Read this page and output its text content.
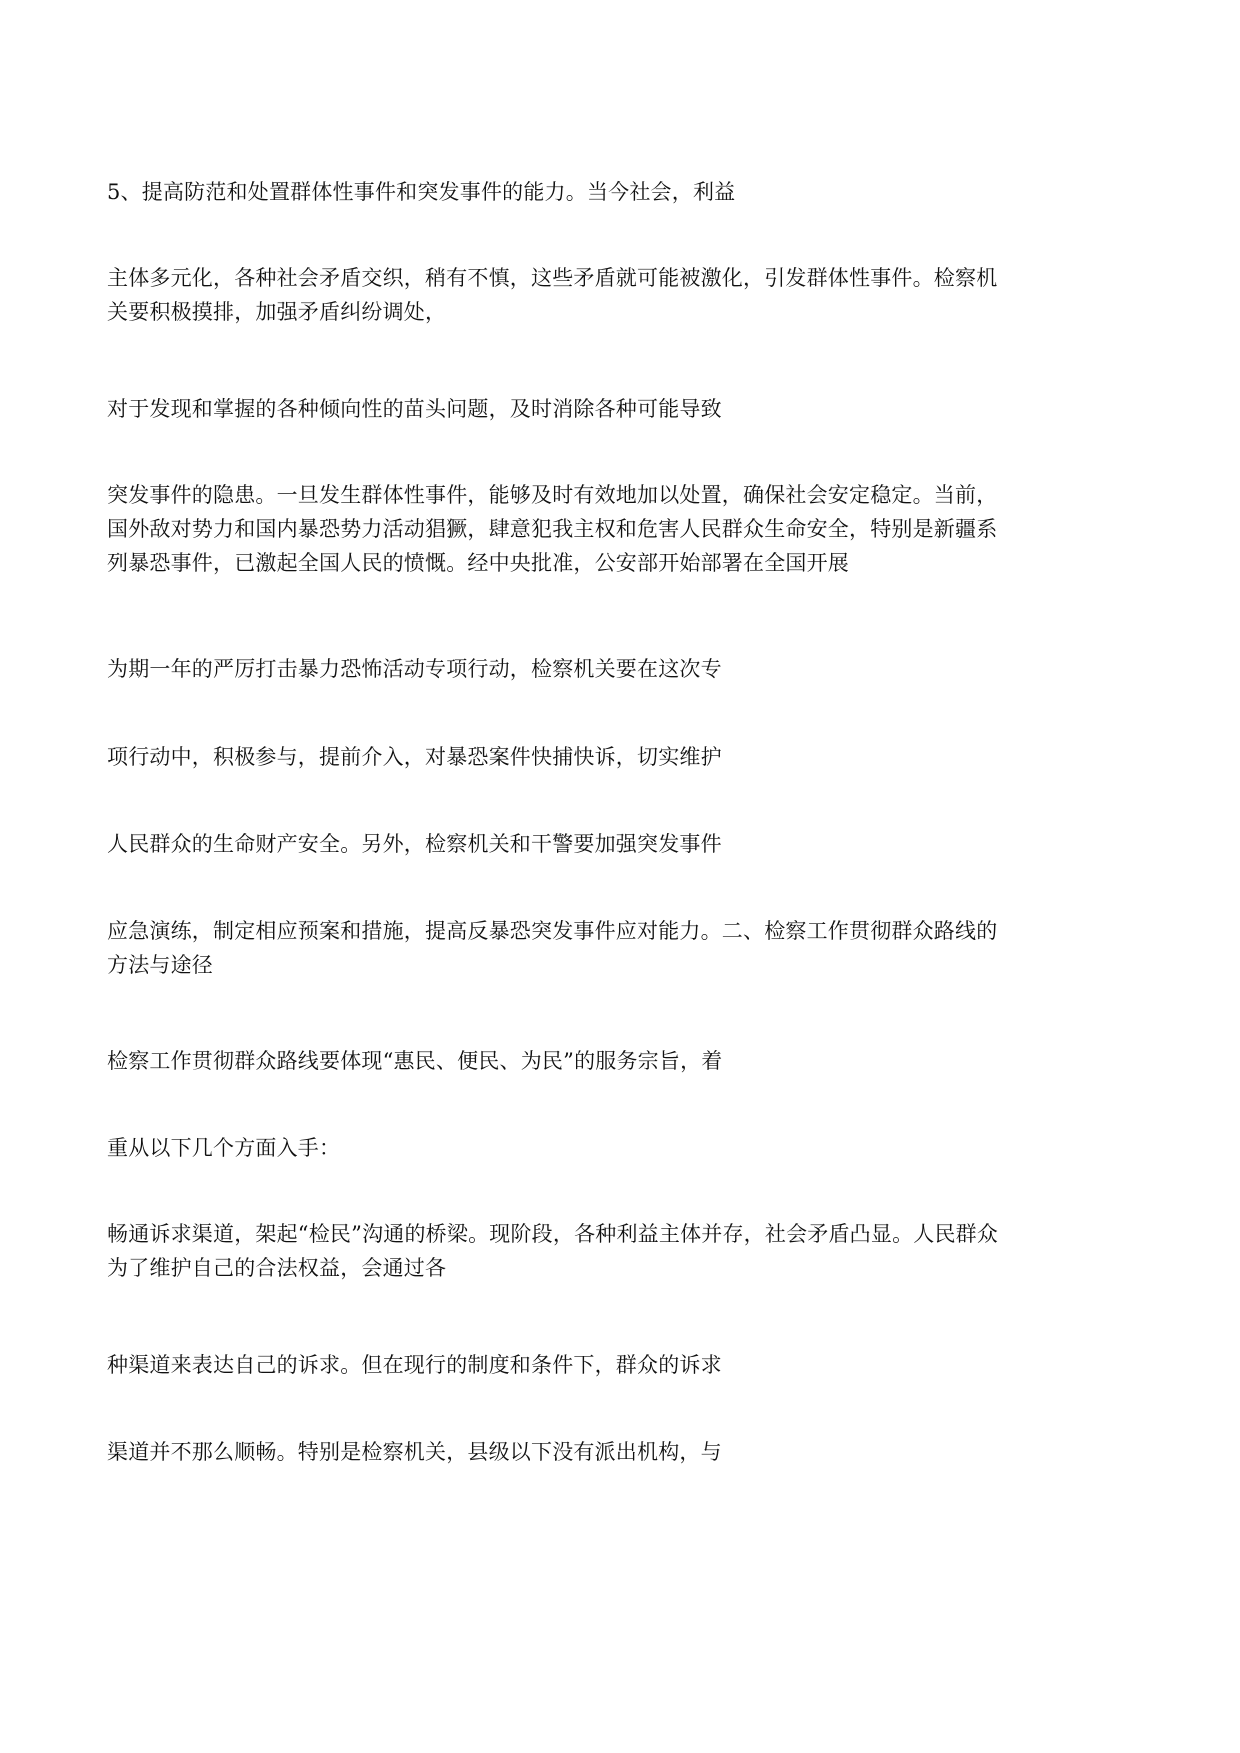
5、提高防范和处置群体性事件和突发事件的能力。当今社会，利益

主体多元化，各种社会矛盾交织，稍有不慎，这些矛盾就可能被激化，引发群体性事件。检察机关要积极摸排，加强矛盾纠纷调处，

对于发现和掌握的各种倾向性的苗头问题，及时消除各种可能导致

突发事件的隐患。一旦发生群体性事件，能够及时有效地加以处置，确保社会安定稳定。当前，国外敌对势力和国内暴恐势力活动猖獗，肆意犯我主权和危害人民群众生命安全，特别是新疆系列暴恐事件，已激起全国人民的愤慨。经中央批准，公安部开始部署在全国开展

为期一年的严厉打击暴力恐怖活动专项行动，检察机关要在这次专

项行动中，积极参与，提前介入，对暴恐案件快捕快诉，切实维护

人民群众的生命财产安全。另外，检察机关和干警要加强突发事件

应急演练，制定相应预案和措施，提高反暴恐突发事件应对能力。二、检察工作贯彻群众路线的方法与途径

检察工作贯彻群众路线要体现“惠民、便民、为民”的服务宗旨，着

重从以下几个方面入手：

畅通诉求渠道，架起“检民”沟通的桥梁。现阶段，各种利益主体并存，社会矛盾凸显。人民群众为了维护自己的合法权益，会通过各

种渠道来表达自己的诉求。但在现行的制度和条件下，群众的诉求

渠道并不那么顺畅。特别是检察机关，县级以下没有派出机构，与
